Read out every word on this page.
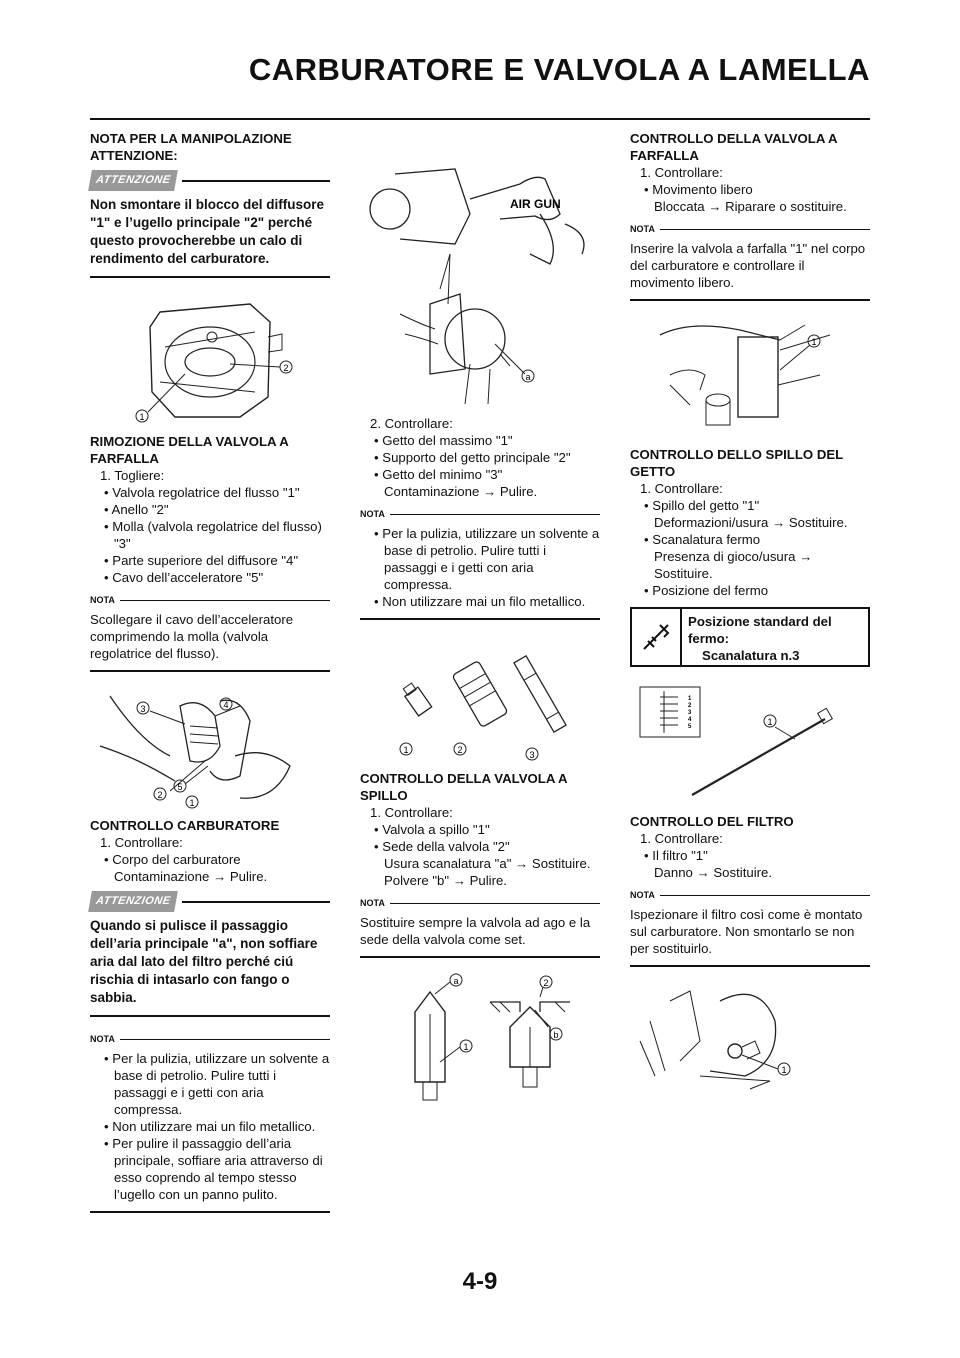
CARBURATORE E VALVOLA A LAMELLA

NOTA PER LA MANIPOLAZIONE ATTENZIONE:

ATTENZIONE
Non smontare il blocco del diffusore "1" e l’ugello principale "2" perché questo provocherebbe un calo di rendimento del carburatore.
1
2

RIMOZIONE DELLA VALVOLA A FARFALLA

1. Togliere:

• Valvola regolatrice del flusso "1"

• Anello "2"

• Molla (valvola regolatrice del flusso) "3"

• Parte superiore del diffusore "4"

• Cavo dell’acceleratore "5"

NOTA
Scollegare il cavo dell’acceleratore comprimendo la molla (valvola regolatrice del flusso).
3	4
5
2
1

CONTROLLO CARBURATORE

1. Controllare:

• Corpo del carburatore

Contaminazione → Pulire.

ATTENZIONE
Quando si pulisce il passaggio dell’aria principale "a", non soffiare aria dal lato del filtro perché ciú rischia di intasarlo con fango o sabbia.
NOTA
• Per la pulizia, utilizzare un solvente a base di petrolio. Pulire tutti i passaggi e i getti con aria compressa.
• Non utilizzare mai un filo metallico.
• Per pulire il passaggio dell’aria principale, soffiare aria attraverso di esso coprendo al tempo stesso l’ugello con un panno pulito.
AIR GUN
a

2. Controllare:

• Getto del massimo "1"

• Supporto del getto principale "2"

• Getto del minimo "3"

Contaminazione → Pulire.

NOTA
• Per la pulizia, utilizzare un solvente a base di petrolio. Pulire tutti i passaggi e i getti con aria compressa.
• Non utilizzare mai un filo metallico.
1	2	3

CONTROLLO DELLA VALVOLA A SPILLO

1. Controllare:

• Valvola a spillo "1"

• Sede della valvola "2"

Usura scanalatura "a" → Sostituire.

Polvere "b" → Pulire.

NOTA
Sostituire sempre la valvola ad ago e la sede della valvola come set.
a	2
b
1

CONTROLLO DELLA VALVOLA A FARFALLA

1. Controllare:

• Movimento libero

Bloccata → Riparare o sostituire.

NOTA
Inserire la valvola a farfalla "1" nel corpo del carburatore e controllare il movimento libero.
1

CONTROLLO DELLO SPILLO DEL GETTO

1. Controllare:

• Spillo del getto "1"

Deformazioni/usura → Sostituire.

• Scanalatura fermo

Presenza di gioco/usura → Sostituire.

• Posizione del fermo

Posizione standard del fermo:
Scanalatura n.3
1
2
3
4
5	1

CONTROLLO DEL FILTRO

1. Controllare:

• Il filtro "1"

Danno → Sostituire.

NOTA
Ispezionare il filtro così come è montato sul carburatore. Non smontarlo se non per sostituirlo.
1
4-9
